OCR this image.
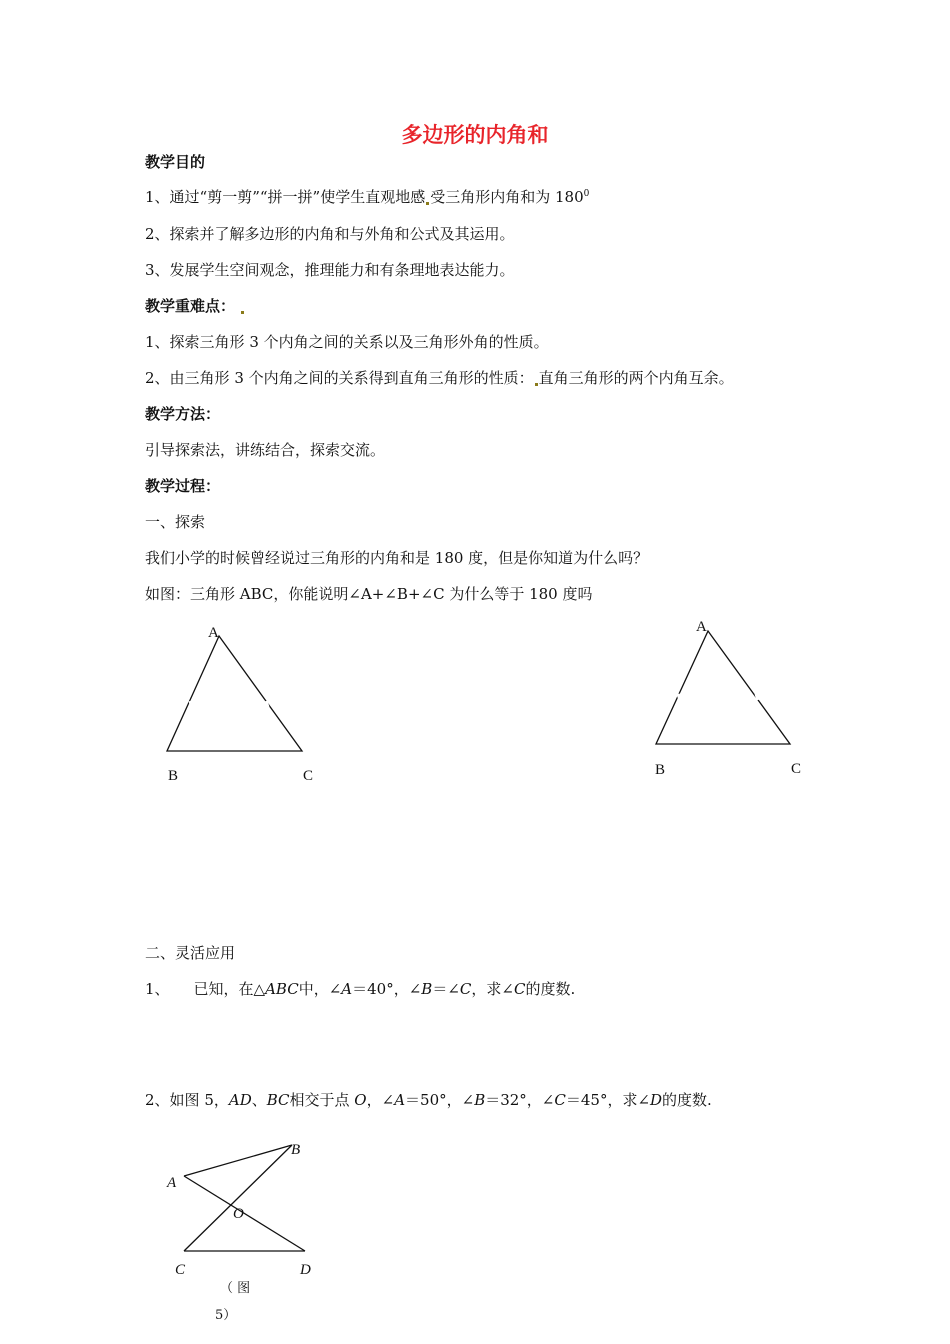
多边形的内角和
教学目的
1、通过“剪一剪”“拼一拼”使学生直观地感 受三角形内角和为 $180^0$
2、探索并了解多边形的内角和与外角和公式及其运用。
3、发展学生空间观念，推理能力和有条理地表达能力。
教学重难点：
1、探索三角形 3 个内角之间的关系以及三角形外角的性质。
2、由三角形 3 个内角之间的关系得到直角三角形的性质： 直角三角形的两个内角互余。
教学方法：
引导探索法，讲练结合，探索交流。
教学过程：
一、探索
我们小学的时候曾经说过三角形的内角和是 180 度，但是你知道为什么吗？
如图：三角形 ABC，你能说明∠A+∠B+∠C 为什么等于 180 度吗
A
B	C
A
B	C
二、灵活应用
1、 已知，在△ABC中，∠A＝40°，∠B＝∠C，求∠C的度数.
2、如图 5，AD、BC相交于点 O，∠A＝50°，∠B＝32°，∠C＝45°，求∠D的度数.
A
B
C	D
O
（ 图
5）
